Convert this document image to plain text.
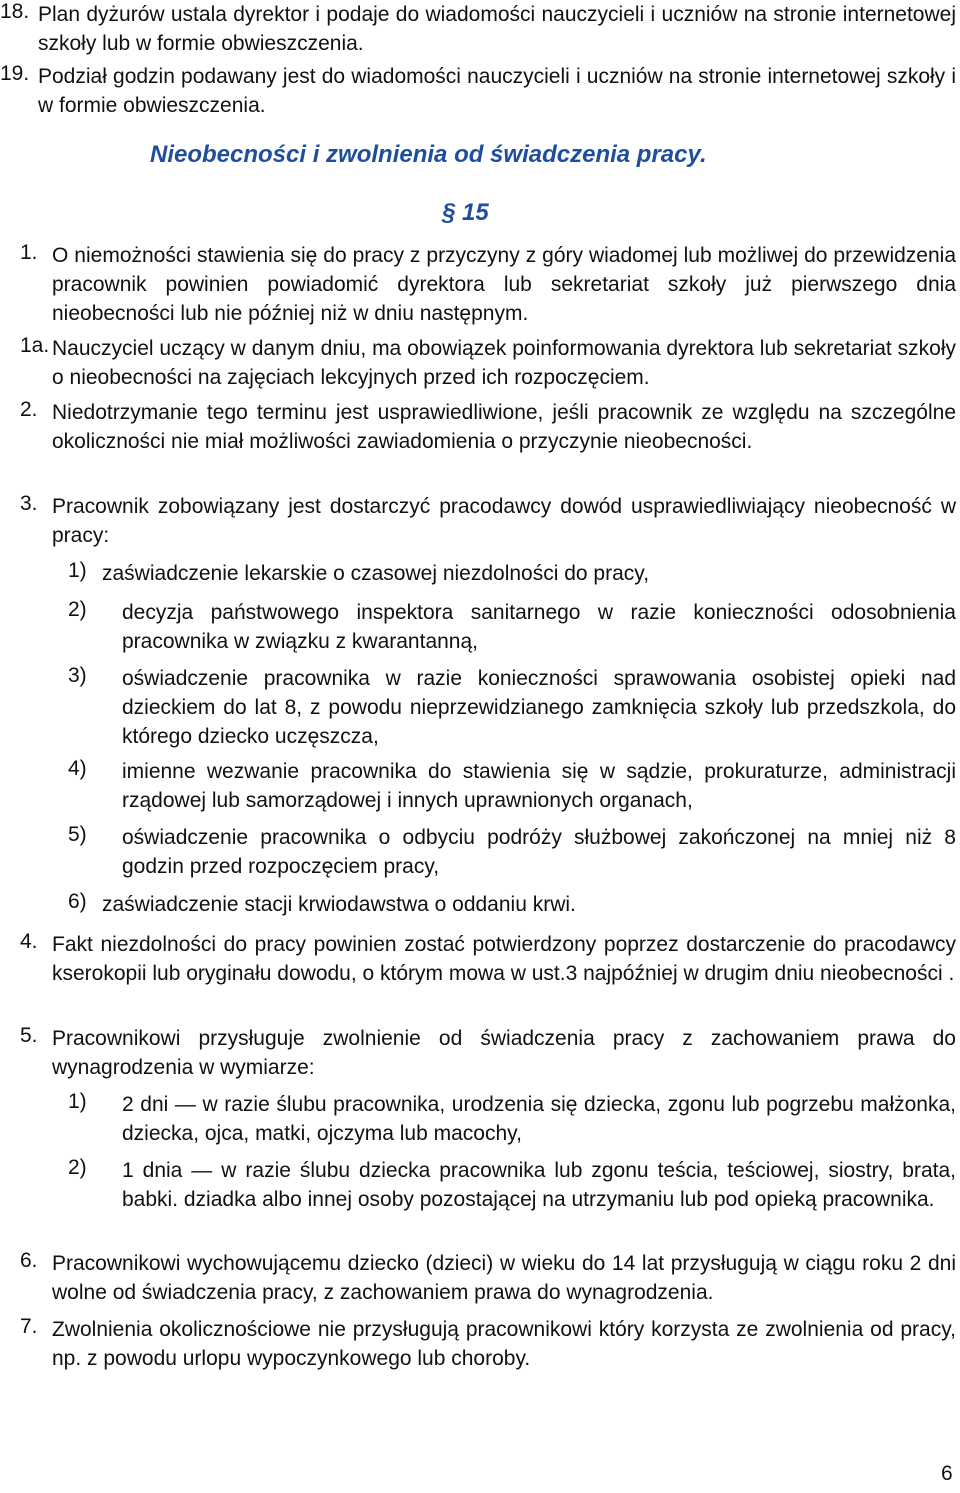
18. Plan dyżurów ustala dyrektor i podaje do wiadomości nauczycieli i uczniów na stronie internetowej szkoły lub w formie obwieszczenia.
19. Podział godzin podawany jest do wiadomości nauczycieli i uczniów na stronie internetowej szkoły i w formie obwieszczenia.
Nieobecności i zwolnienia od świadczenia pracy.
§ 15
1. O niemożności stawienia się do pracy z przyczyny z góry wiadomej lub możliwej do przewidzenia pracownik powinien powiadomić dyrektora lub sekretariat szkoły już pierwszego dnia nieobecności lub nie później niż w dniu następnym.
1a. Nauczyciel uczący w danym dniu, ma obowiązek poinformowania dyrektora lub sekretariat szkoły o nieobecności na zajęciach lekcyjnych przed ich rozpoczęciem.
2. Niedotrzymanie tego terminu jest usprawiedliwione, jeśli pracownik ze względu na szczególne okoliczności nie miał możliwości zawiadomienia o przyczynie nieobecności.
3. Pracownik zobowiązany jest dostarczyć pracodawcy dowód usprawiedliwiający nieobecność w pracy:
1) zaświadczenie lekarskie o czasowej niezdolności do pracy,
2) decyzja państwowego inspektora sanitarnego w razie konieczności odosobnienia pracownika w związku z kwarantanną,
3) oświadczenie pracownika w razie konieczności sprawowania osobistej opieki nad dzieckiem do lat 8, z powodu nieprzewidzianego zamknięcia szkoły lub przedszkola, do którego dziecko uczęszcza,
4) imienne wezwanie pracownika do stawienia się w sądzie, prokuraturze, administracji rządowej lub samorządowej i innych uprawnionych organach,
5) oświadczenie pracownika o odbyciu podróży służbowej zakończonej na mniej niż 8 godzin przed rozpoczęciem pracy,
6) zaświadczenie stacji krwiodawstwa o oddaniu krwi.
4. Fakt niezdolności do pracy powinien zostać potwierdzony poprzez dostarczenie do pracodawcy kserokopii lub oryginału dowodu, o którym mowa w ust.3 najpóźniej w drugim dniu nieobecności .
5. Pracownikowi przysługuje zwolnienie od świadczenia pracy z zachowaniem prawa do wynagrodzenia w wymiarze:
1) 2 dni — w razie ślubu pracownika, urodzenia się dziecka, zgonu lub pogrzebu małżonka, dziecka, ojca, matki, ojczyma lub macochy,
2) 1 dnia — w razie ślubu dziecka pracownika lub zgonu teścia, teściowej, siostry, brata, babki. dziadka albo innej osoby pozostającej na utrzymaniu lub pod opieką pracownika.
6. Pracownikowi wychowującemu dziecko (dzieci) w wieku do 14 lat przysługują w ciągu roku 2 dni wolne od świadczenia pracy, z zachowaniem prawa do wynagrodzenia.
7. Zwolnienia okolicznościowe nie przysługują pracownikowi który korzysta ze zwolnienia od pracy, np. z powodu urlopu wypoczynkowego lub choroby.
6
